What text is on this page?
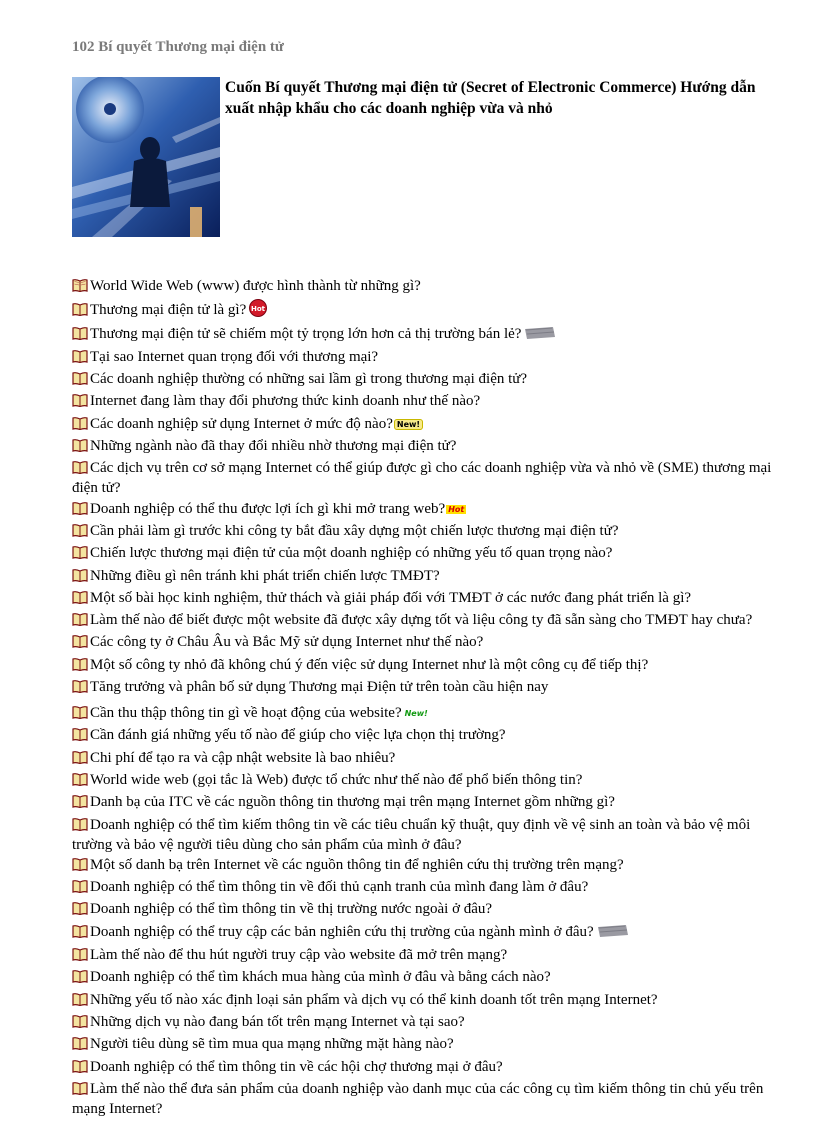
102 Bí quyết Thương mại điện tử
Cuốn Bí quyết Thương mại điện tử (Secret of Electronic Commerce) Hướng dẫn xuất nhập khẩu cho các doanh nghiệp vừa và nhỏ
World Wide Web (www) được hình thành từ những gì?
Thương mại điện tử là gì? Hot
Thương mại điện tử sẽ chiếm một tỷ trọng lớn hơn cả thị trường bán lẻ?
Tại sao Internet quan trọng đối với thương mại?
Các doanh nghiệp thường có những sai lầm gì trong thương mại điện tử?
Internet đang làm thay đổi phương thức kinh doanh như thế nào?
Các doanh nghiệp sử dụng Internet ở mức độ nào? New!
Những ngành nào đã thay đổi nhiều nhờ thương mại điện tử?
Các dịch vụ trên cơ sở mạng Internet có thể giúp được gì cho các doanh nghiệp vừa và nhỏ về (SME) thương mại điện tử?
Doanh nghiệp có thể thu được lợi ích gì khi mở trang web? Hot
Cần phải làm gì trước khi công ty bắt đầu xây dựng một chiến lược thương mại điện tử?
Chiến lược thương mại điện tử của một doanh nghiệp có những yếu tố quan trọng nào?
Những điều gì nên tránh khi phát triển chiến lược TMĐT?
Một số bài học kinh nghiệm, thử thách và giải pháp đối với TMĐT ở các nước đang phát triển là gì?
Làm thế nào để biết được một website đã được xây dựng tốt và liệu công ty đã sẵn sàng cho TMĐT hay chưa?
Các công ty ở Châu Âu và Bắc Mỹ sử dụng Internet như thế nào?
Một số công ty nhỏ đã không chú ý đến việc sử dụng Internet như là một công cụ để tiếp thị?
Tăng trưởng và phân bố sử dụng Thương mại Điện tử trên toàn cầu hiện nay
Cần thu thập thông tin gì về hoạt động của website? New!
Cần đánh giá những yếu tố nào để giúp cho việc lựa chọn thị trường?
Chi phí để tạo ra và cập nhật website là bao nhiêu?
World wide web (gọi tắc là Web) được tổ chức như thế nào để phổ biến thông tin?
Danh bạ của ITC về các nguồn thông tin thương mại trên mạng Internet gồm những gì?
Doanh nghiệp có thể tìm kiếm thông tin về các tiêu chuẩn kỹ thuật, quy định về vệ sinh an toàn và bảo vệ môi trường và bảo vệ người tiêu dùng cho sản phẩm của mình ở đâu?
Một số danh bạ trên Internet về các nguồn thông tin để nghiên cứu thị trường trên mạng?
Doanh nghiệp có thể tìm thông tin về đối thủ cạnh tranh của mình đang làm ở đâu?
Doanh nghiệp có thể tìm thông tin về thị trường nước ngoài ở đâu?
Doanh nghiệp có thể truy cập các bản nghiên cứu thị trường của ngành mình ở đâu?
Làm thế nào để thu hút người truy cập vào website đã mở trên mạng?
Doanh nghiệp có thể tìm khách mua hàng của mình ở đâu và bằng cách nào?
Những yếu tố nào xác định loại sản phẩm và dịch vụ có thể kinh doanh tốt trên mạng Internet?
Những dịch vụ nào đang bán tốt trên mạng Internet và tại sao?
Người tiêu dùng sẽ tìm mua qua mạng những mặt hàng nào?
Doanh nghiệp có thể tìm thông tin về các hội chợ thương mại ở đâu?
Làm thế nào thể đưa sản phẩm của doanh nghiệp vào danh mục của các công cụ tìm kiếm thông tin chủ yếu trên mạng Internet?
